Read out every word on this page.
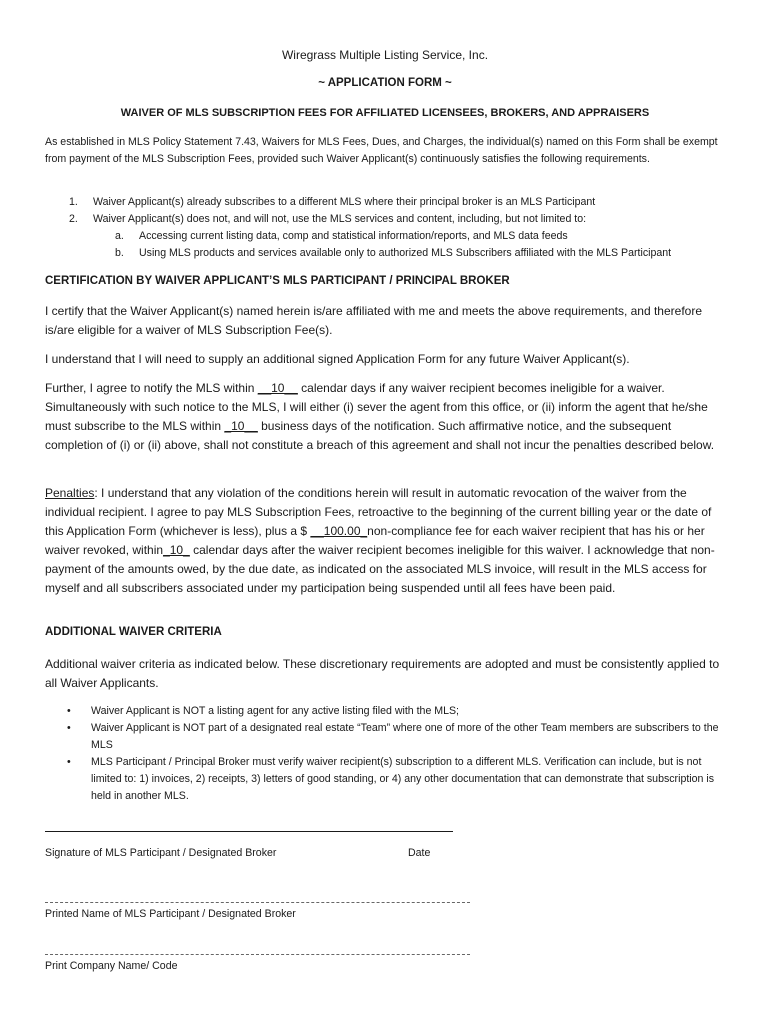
Wiregrass Multiple Listing Service, Inc.
~ APPLICATION FORM ~
WAIVER OF MLS SUBSCRIPTION FEES FOR AFFILIATED LICENSEES, BROKERS, AND APPRAISERS
As established in MLS Policy Statement 7.43, Waivers for MLS Fees, Dues, and Charges, the individual(s) named on this Form shall be exempt from payment of the MLS Subscription Fees, provided such Waiver Applicant(s) continuously satisfies the following requirements.
1. Waiver Applicant(s) already subscribes to a different MLS where their principal broker is an MLS Participant
2. Waiver Applicant(s) does not, and will not, use the MLS services and content, including, but not limited to:
a. Accessing current listing data, comp and statistical information/reports, and MLS data feeds
b. Using MLS products and services available only to authorized MLS Subscribers affiliated with the MLS Participant
CERTIFICATION BY WAIVER APPLICANT’S MLS PARTICIPANT / PRINCIPAL BROKER
I certify that the Waiver Applicant(s) named herein is/are affiliated with me and meets the above requirements, and therefore is/are eligible for a waiver of MLS Subscription Fee(s).
I understand that I will need to supply an additional signed Application Form for any future Waiver Applicant(s).
Further, I agree to notify the MLS within __10__ calendar days if any waiver recipient becomes ineligible for a waiver. Simultaneously with such notice to the MLS, I will either (i) sever the agent from this office, or (ii) inform the agent that he/she must subscribe to the MLS within _10__ business days of the notification. Such affirmative notice, and the subsequent completion of (i) or (ii) above, shall not constitute a breach of this agreement and shall not incur the penalties described below.
Penalties: I understand that any violation of the conditions herein will result in automatic revocation of the waiver from the individual recipient. I agree to pay MLS Subscription Fees, retroactive to the beginning of the current billing year or the date of this Application Form (whichever is less), plus a $ __100.00_non-compliance fee for each waiver recipient that has his or her waiver revoked, within_10_ calendar days after the waiver recipient becomes ineligible for this waiver. I acknowledge that non-payment of the amounts owed, by the due date, as indicated on the associated MLS invoice, will result in the MLS access for myself and all subscribers associated under my participation being suspended until all fees have been paid.
ADDITIONAL WAIVER CRITERIA
Additional waiver criteria as indicated below. These discretionary requirements are adopted and must be consistently applied to all Waiver Applicants.
• Waiver Applicant is NOT a listing agent for any active listing filed with the MLS;
• Waiver Applicant is NOT part of a designated real estate “Team” where one of more of the other Team members are subscribers to the MLS
• MLS Participant / Principal Broker must verify waiver recipient(s) subscription to a different MLS. Verification can include, but is not limited to: 1) invoices, 2) receipts, 3) letters of good standing, or 4) any other documentation that can demonstrate that subscription is held in another MLS.
Signature of MLS Participant / Designated Broker	Date
Printed Name of MLS Participant / Designated Broker
Print Company Name/ Code
